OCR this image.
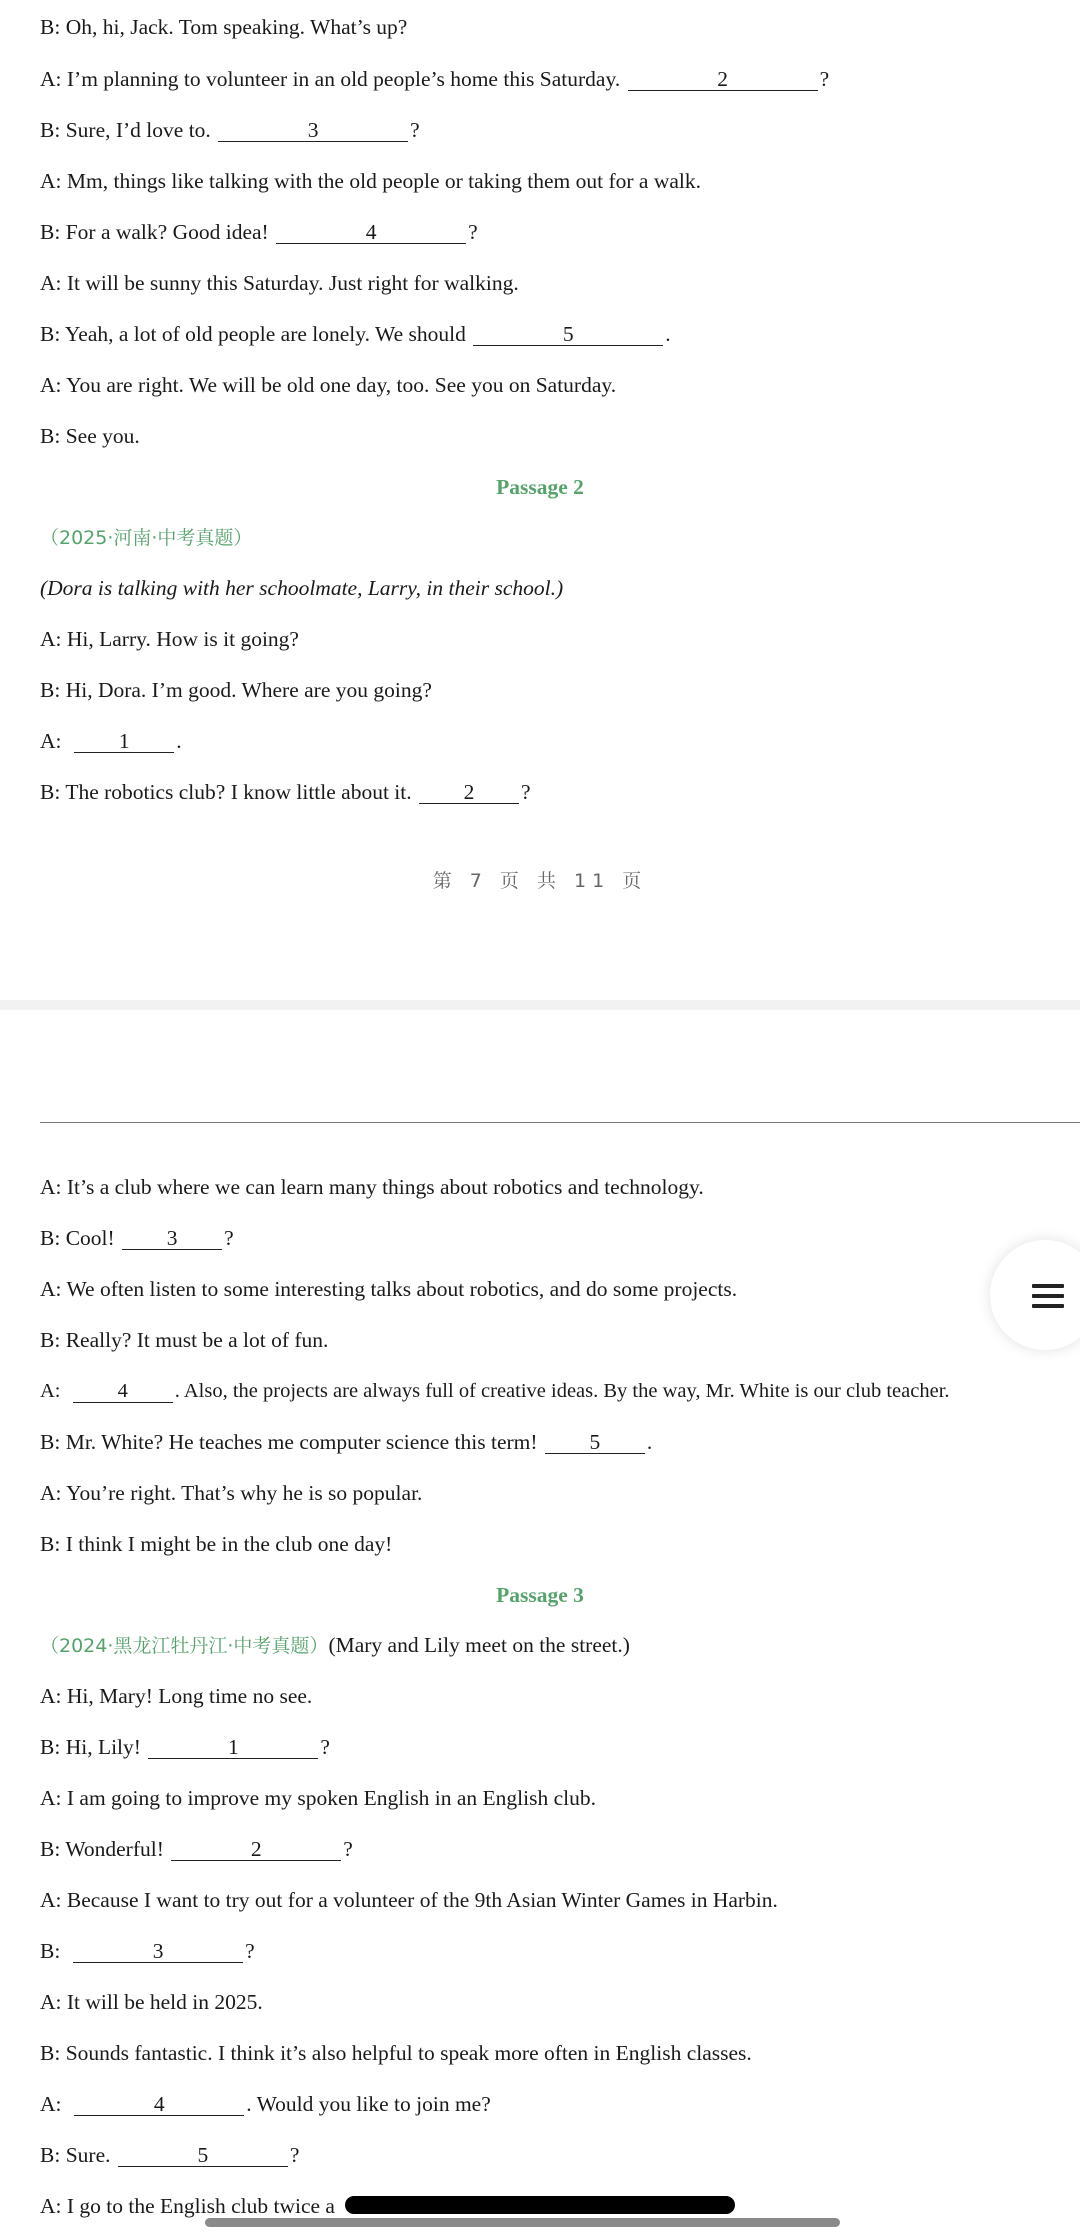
B: Oh, hi, Jack. Tom speaking. What’s up?
A: I’m planning to volunteer in an old people’s home this Saturday.	2	?
B: Sure, I’d love to.	3	?
A: Mm, things like talking with the old people or taking them out for a walk.
B: For a walk? Good idea!	4	?
A: It will be sunny this Saturday. Just right for walking.
B: Yeah, a lot of old people are lonely. We should	5	.
A: You are right. We will be old one day, too. See you on Saturday.
B: See you.
Passage 2
（2025·河南·中考真题）
(Dora is talking with her schoolmate, Larry, in their school.)
A: Hi, Larry. How is it going?
B: Hi, Dora. I’m good. Where are you going?
A:	1 .
B: The robotics club? I know little about it. 2 ?
第 7 页 共 11 页
A: It’s a club where we can learn many things about robotics and technology.
B: Cool! 3 ?
A: We often listen to some interesting talks about robotics, and do some projects.
B: Really? It must be a lot of fun.
A:	4 . Also, the projects are always full of creative ideas. By the way, Mr. White is our club teacher.
B: Mr. White? He teaches me computer science this term! 5 .
A: You’re right. That’s why he is so popular.
B: I think I might be in the club one day!
Passage 3
（2024·黑龙江牡丹江·中考真题）(Mary and Lily meet on the street.)
A: Hi, Mary! Long time no see.
B: Hi, Lily!	1	?
A: I am going to improve my spoken English in an English club.
B: Wonderful!	2	?
A: Because I want to try out for a volunteer of the 9th Asian Winter Games in Harbin.
B:	3	?
A: It will be held in 2025.
B: Sounds fantastic. I think it’s also helpful to speak more often in English classes.
A:	4	. Would you like to join me?
B: Sure.	5	?
A: I go to the English club twice a
